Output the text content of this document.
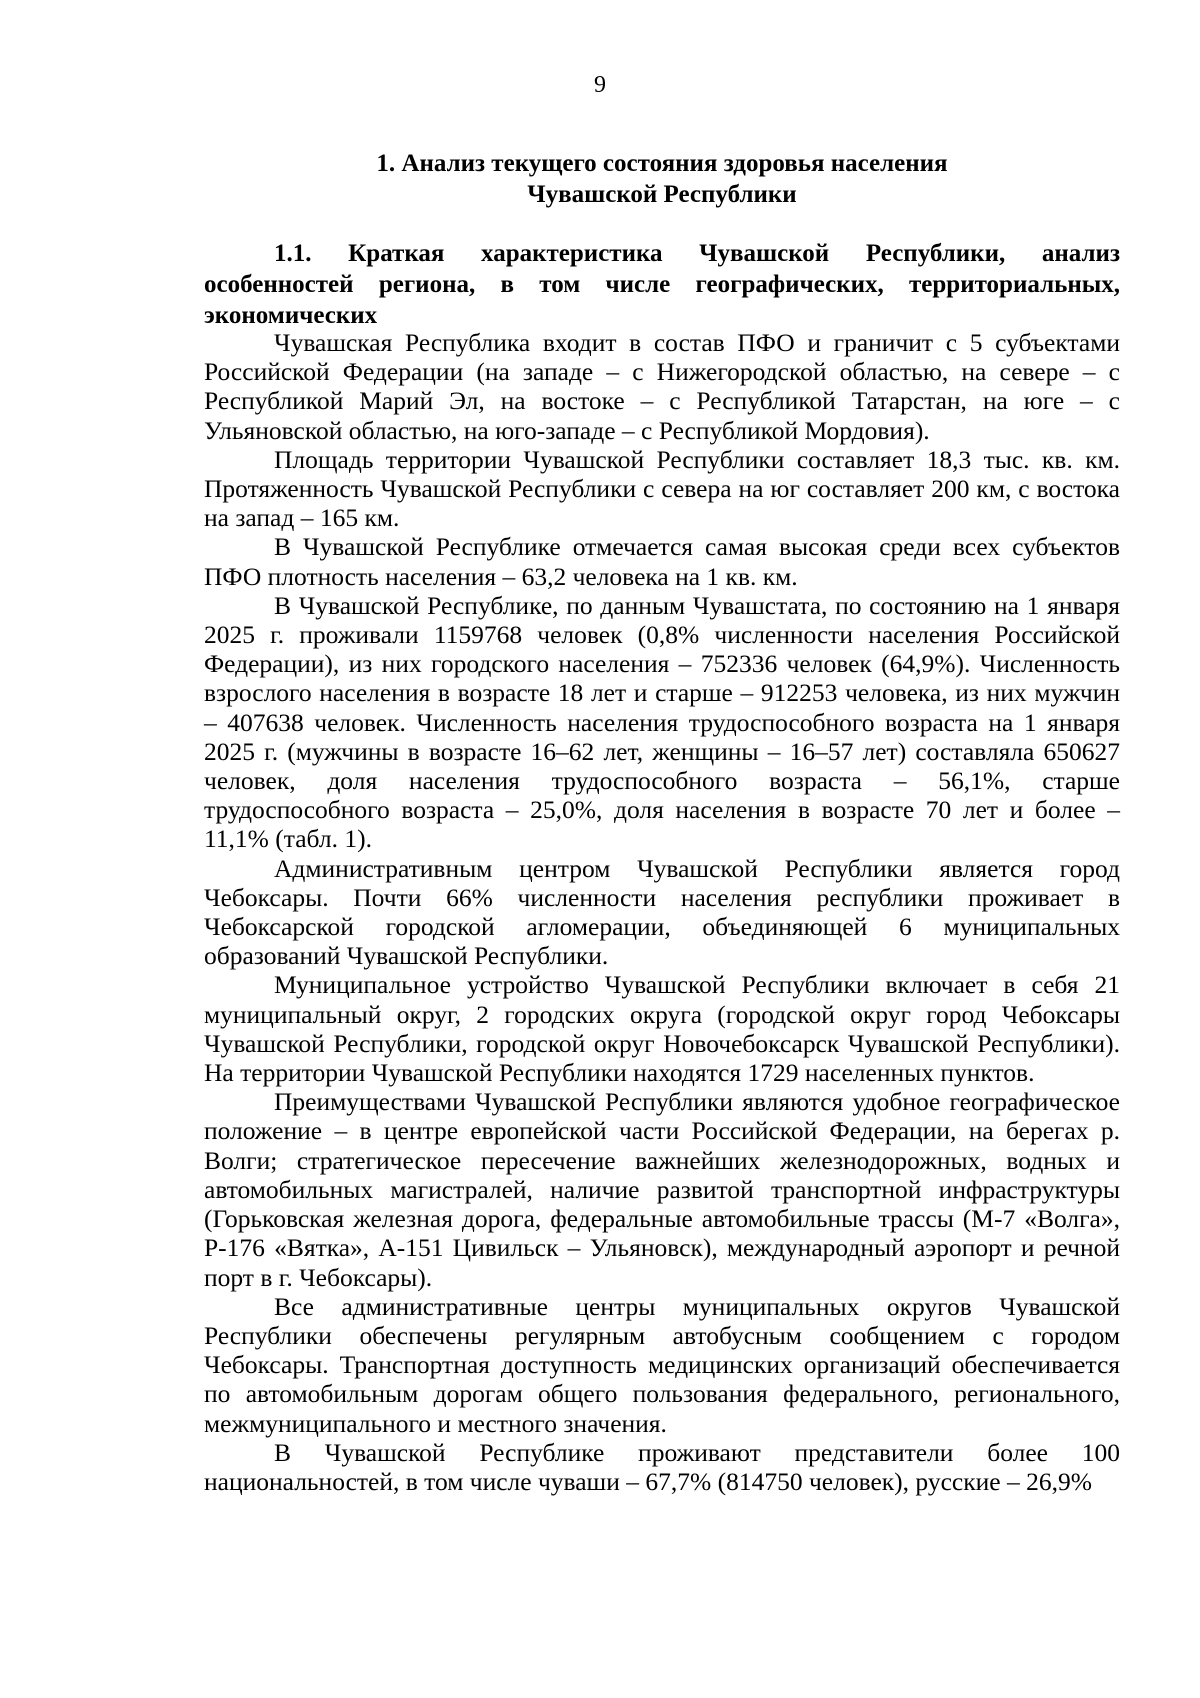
9
1. Анализ текущего состояния здоровья населения
Чувашской Республики
1.1. Краткая характеристика Чувашской Республики, анализ особенностей региона, в том числе географических, территориальных, экономических

Чувашская Республика входит в состав ПФО и граничит с 5 субъектами Российской Федерации (на западе – с Нижегородской областью, на севере – с Республикой Марий Эл, на востоке – с Республикой Татарстан, на юге – с Ульяновской областью, на юго-западе – с Республикой Мордовия).

Площадь территории Чувашской Республики составляет 18,3 тыс. кв. км. Протяженность Чувашской Республики с севера на юг составляет 200 км, с востока на запад – 165 км.

В Чувашской Республике отмечается самая высокая среди всех субъектов ПФО плотность населения – 63,2 человека на 1 кв. км.

В Чувашской Республике, по данным Чувашстата, по состоянию на 1 января 2025 г. проживали 1159768 человек (0,8% численности населения Российской Федерации), из них городского населения – 752336 человек (64,9%). Численность взрослого населения в возрасте 18 лет и старше – 912253 человека, из них мужчин – 407638 человек. Численность населения трудоспособного возраста на 1 января 2025 г. (мужчины в возрасте 16–62 лет, женщины – 16–57 лет) составляла 650627 человек, доля населения трудоспособного возраста – 56,1%, старше трудоспособного возраста – 25,0%, доля населения в возрасте 70 лет и более – 11,1% (табл. 1).

Административным центром Чувашской Республики является город Чебоксары. Почти 66% численности населения республики проживает в Чебоксарской городской агломерации, объединяющей 6 муниципальных образований Чувашской Республики.

Муниципальное устройство Чувашской Республики включает в себя 21 муниципальный округ, 2 городских округа (городской округ город Чебоксары Чувашской Республики, городской округ Новочебоксарск Чувашской Республики). На территории Чувашской Республики находятся 1729 населенных пунктов.

Преимуществами Чувашской Республики являются удобное географическое положение – в центре европейской части Российской Федерации, на берегах р. Волги; стратегическое пересечение важнейших железнодорожных, водных и автомобильных магистралей, наличие развитой транспортной инфраструктуры (Горьковская железная дорога, федеральные автомобильные трассы (М-7 «Волга», Р-176 «Вятка», А-151 Цивильск – Ульяновск), международный аэропорт и речной порт в г. Чебоксары).

Все административные центры муниципальных округов Чувашской Республики обеспечены регулярным автобусным сообщением с городом Чебоксары. Транспортная доступность медицинских организаций обеспечивается по автомобильным дорогам общего пользования федерального, регионального, межмуниципального и местного значения.

В Чувашской Республике проживают представители более 100 национальностей, в том числе чуваши – 67,7% (814750 человек), русские – 26,9%
